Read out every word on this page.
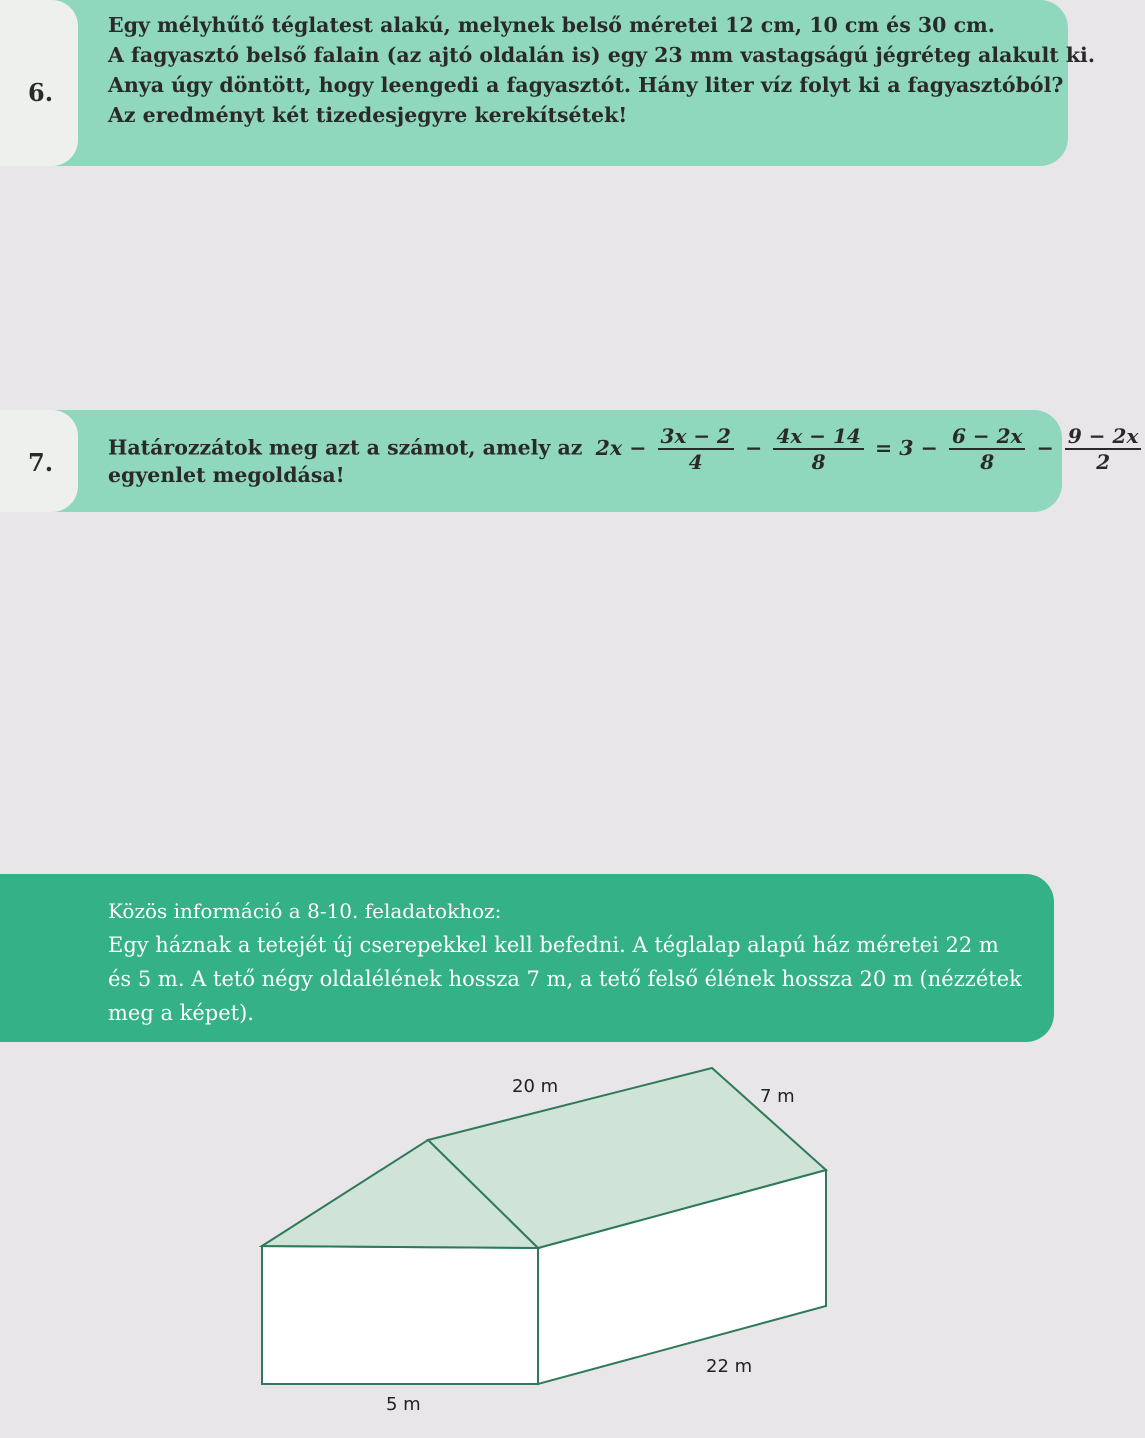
6.
Egy mélyhűtő téglatest alakú, melynek belső méretei 12 cm, 10 cm és 30 cm.
A fagyasztó belső falain (az ajtó oldalán is) egy 23 mm vastagságú jégréteg alakult ki.
Anya úgy döntött, hogy leengedi a fagyasztót. Hány liter víz folyt ki a fagyasztóból?
Az eredményt két tizedesjegyre kerekítsétek!
7.
Határozzátok meg azt a számot, amely az $2x - \frac{3x - 2}{4} - \frac{4x - 14}{8} = 3 - \frac{6 - 2x}{8} - \frac{9 - 2x}{2}$
egyenlet megoldása!
Közös információ a 8-10. feladatokhoz:
Egy háznak a tetejét új cserepekkel kell befedni. A téglalap alapú ház méretei 22 m
és 5 m. A tető négy oldalélének hossza 7 m, a tető felső élének hossza 20 m (nézzétek
meg a képet).
20 m	7 m
22 m
5 m
